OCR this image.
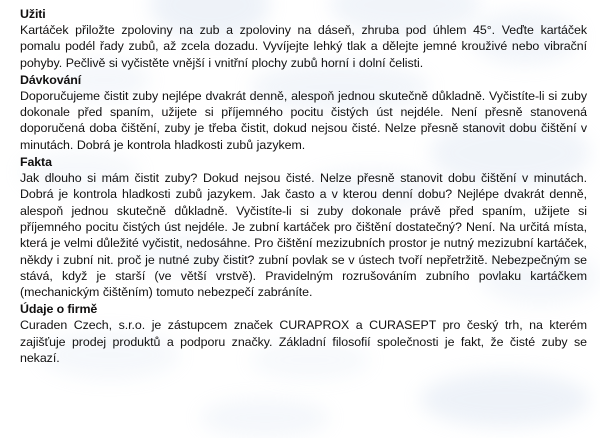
Užiti

Kartáček přiložte zpoloviny na zub a zpoloviny na dáseň, zhruba pod úhlem 45°. Veďte kartáček pomalu podél řady zubů, až zcela dozadu. Vyvíjejte lehký tlak a dělejte jemné krouživé nebo vibrační pohyby. Pečlivě si vyčistěte vnější i vnitřní plochy zubů horní i dolní čelisti.

Dávkování

Doporučujeme čistit zuby nejlépe dvakrát denně, alespoň jednou skutečně důkladně. Vyčistíte-li si zuby dokonale před spaním, užijete si příjemného pocitu čistých úst nejdéle. Není přesně stanovená doporučená doba čištění, zuby je třeba čistit, dokud nejsou čisté. Nelze přesně stanovit dobu čištění v minutách. Dobrá je kontrola hladkosti zubů jazykem.

Fakta

Jak dlouho si mám čistit zuby? Dokud nejsou čisté. Nelze přesně stanovit dobu čištění v minutách. Dobrá je kontrola hladkosti zubů jazykem. Jak často a v kterou denní dobu? Nejlépe dvakrát denně, alespoň jednou skutečně důkladně. Vyčistíte-li si zuby dokonale právě před spaním, užijete si příjemného pocitu čistých úst nejdéle. Je zubní kartáček pro čištění dostatečný? Není. Na určitá místa, která je velmi důležité vyčistit, nedosáhne. Pro čištění mezizubních prostor je nutný mezizubní kartáček, někdy i zubní nit. proč je nutné zuby čistit? zubní povlak se v ústech tvoří nepřetržitě. Nebezpečným se stává, když je starší (ve větší vrstvě). Pravidelným rozrušováním zubního povlaku kartáčkem (mechanickým čištěním) tomuto nebezpečí zabráníte.

Údaje o firmě

Curaden Czech, s.r.o. je zástupcem značek CURAPROX a CURASEPT pro český trh, na kterém zajišťuje prodej produktů a podporu značky. Základní filosofií společnosti je fakt, že čisté zuby se nekazí.
